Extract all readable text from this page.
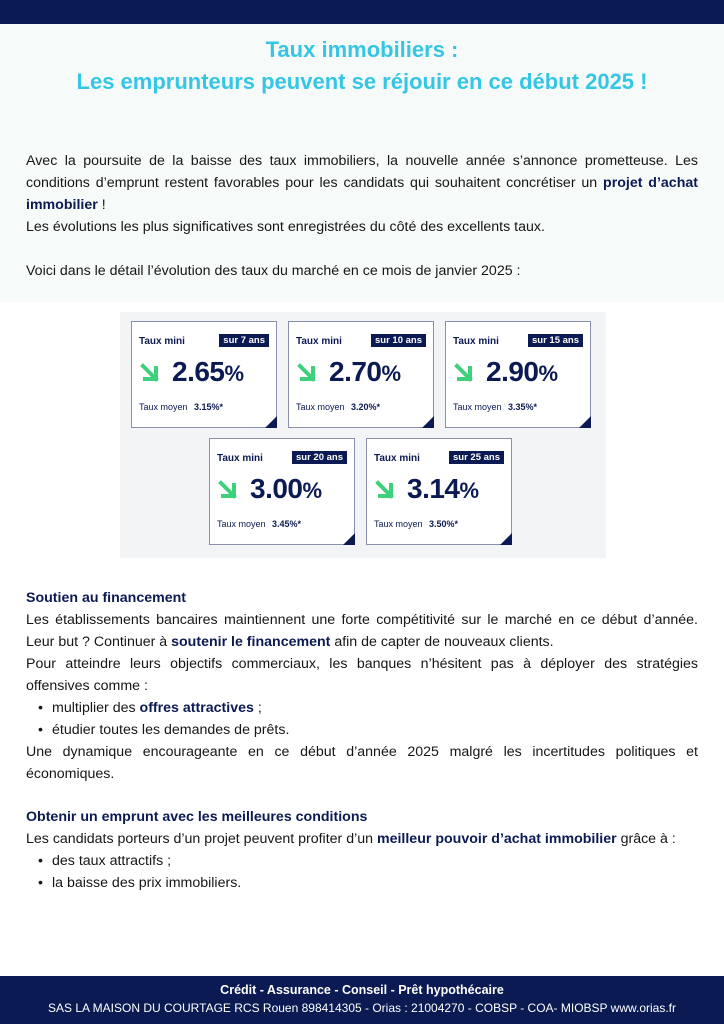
Taux immobiliers :
Les emprunteurs peuvent se réjouir en ce début 2025 !

Avec la poursuite de la baisse des taux immobiliers, la nouvelle année s’annonce prometteuse. Les conditions d’emprunt restent favorables pour les candidats qui souhaitent concrétiser un projet d’achat immobilier !

Les évolutions les plus significatives sont enregistrées du côté des excellents taux.

Voici dans le détail l’évolution des taux du marché en ce mois de janvier 2025 :

Taux mini	sur 7 ans
2.65%
Taux moyen 3.15%*
Taux mini	sur 10 ans
2.70%
Taux moyen 3.20%*
Taux mini	sur 15 ans
2.90%
Taux moyen 3.35%*
Taux mini	sur 20 ans
3.00%
Taux moyen 3.45%*
Taux mini	sur 25 ans
3.14%
Taux moyen 3.50%*
Soutien au financement

Les établissements bancaires maintiennent une forte compétitivité sur le marché en ce début d’année. Leur but ? Continuer à soutenir le financement afin de capter de nouveaux clients.

Pour atteindre leurs objectifs commerciaux, les banques n’hésitent pas à déployer des stratégies offensives comme :

• multiplier des offres attractives ;
• étudier toutes les demandes de prêts.

Une dynamique encourageante en ce début d’année 2025 malgré les incertitudes politiques et économiques.

Obtenir un emprunt avec les meilleures conditions

Les candidats porteurs d’un projet peuvent profiter d’un meilleur pouvoir d’achat immobilier grâce à :

• des taux attractifs ;
• la baisse des prix immobiliers.
Crédit - Assurance - Conseil - Prêt hypothécaire
SAS LA MAISON DU COURTAGE RCS Rouen 898414305 - Orias : 21004270 - COBSP - COA- MIOBSP www.orias.fr
